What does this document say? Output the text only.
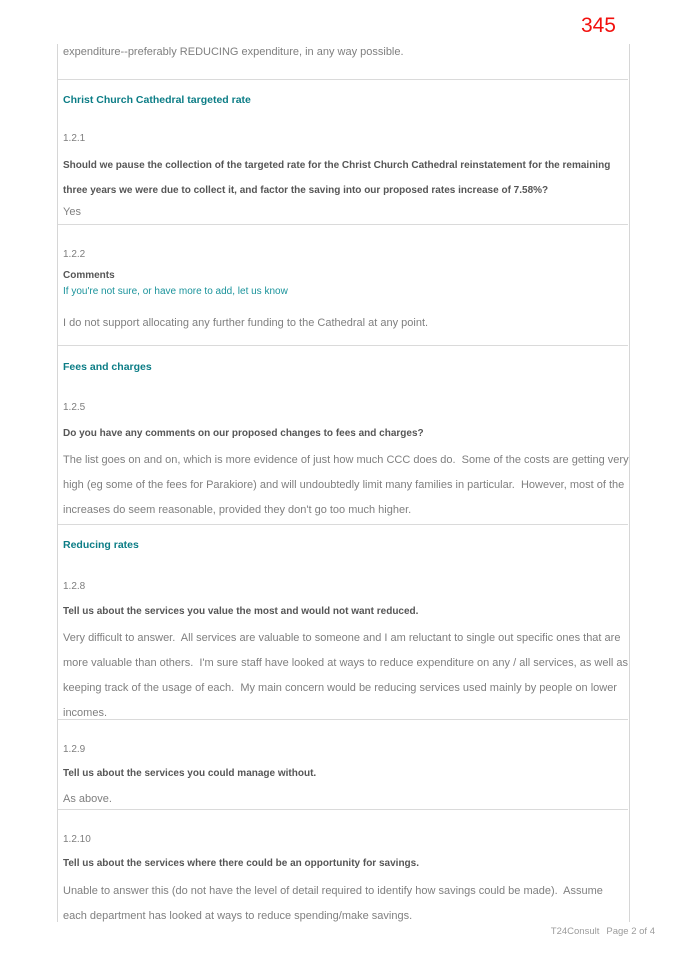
345
expenditure--preferably REDUCING expenditure, in any way possible.
Christ Church Cathedral targeted rate
1.2.1
Should we pause the collection of the targeted rate for the Christ Church Cathedral reinstatement for the remaining three years we were due to collect it, and factor the saving into our proposed rates increase of 7.58%?
Yes
1.2.2
Comments
If you're not sure, or have more to add, let us know
I do not support allocating any further funding to the Cathedral at any point.
Fees and charges
1.2.5
Do you have any comments on our proposed changes to fees and charges?
The list goes on and on, which is more evidence of just how much CCC does do.  Some of the costs are getting very high (eg some of the fees for Parakiore) and will undoubtedly limit many families in particular.  However, most of the increases do seem reasonable, provided they don't go too much higher.
Reducing rates
1.2.8
Tell us about the services you value the most and would not want reduced.
Very difficult to answer.  All services are valuable to someone and I am reluctant to single out specific ones that are more valuable than others.  I'm sure staff have looked at ways to reduce expenditure on any / all services, as well as keeping track of the usage of each.  My main concern would be reducing services used mainly by people on lower incomes.
1.2.9
Tell us about the services you could manage without.
As above.
1.2.10
Tell us about the services where there could be an opportunity for savings.
Unable to answer this (do not have the level of detail required to identify how savings could be made).  Assume each department has looked at ways to reduce spending/make savings.
T24Consult Page 2 of 4
